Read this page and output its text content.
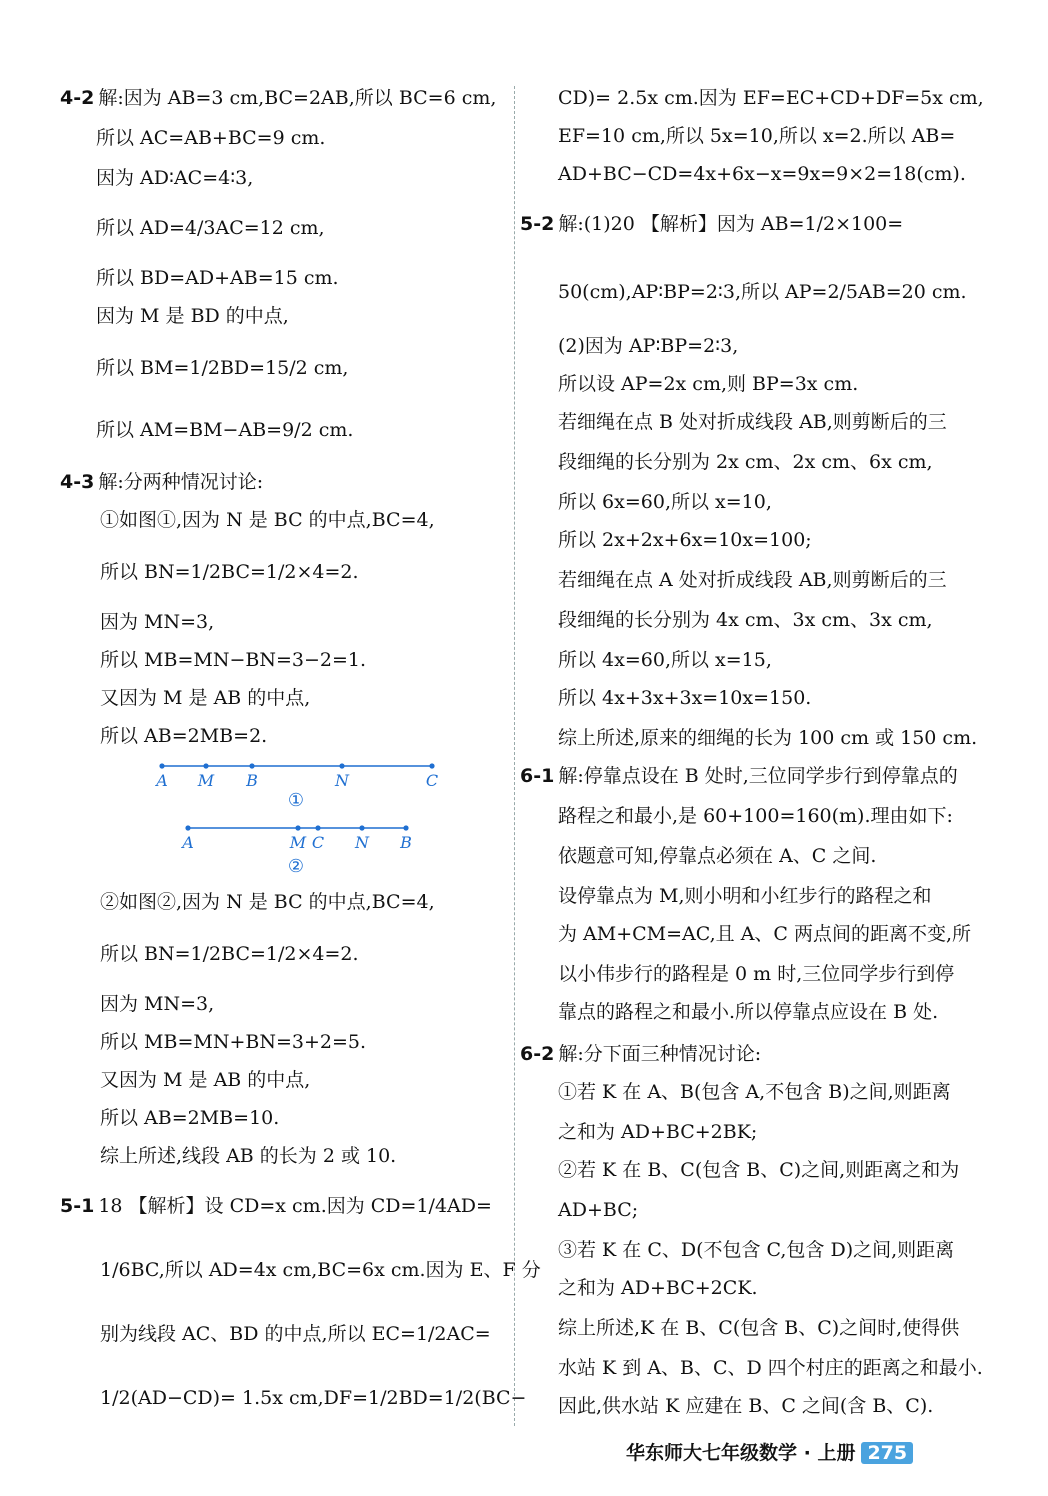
4-2 解:因为 AB=3 cm,BC=2AB,所以 BC=6 cm,
所以 AC=AB+BC=9 cm.
因为 AD∶AC=4∶3,
所以 AD=4/3AC=12 cm,
所以 BD=AD+AB=15 cm.
因为 M 是 BD 的中点,
所以 BM=1/2BD=15/2 cm,
所以 AM=BM−AB=9/2 cm.
4-3 解:分两种情况讨论:
①如图①,因为 N 是 BC 的中点,BC=4,
所以 BN=1/2BC=1/2×4=2.
因为 MN=3,
所以 MB=MN−BN=3−2=1.
又因为 M 是 AB 的中点,
所以 AB=2MB=2.
②如图②,因为 N 是 BC 的中点,BC=4,
所以 BN=1/2BC=1/2×4=2.
因为 MN=3,
所以 MB=MN+BN=3+2=5.
又因为 M 是 AB 的中点,
所以 AB=2MB=10.
综上所述,线段 AB 的长为 2 或 10.
5-1 18 【解析】设 CD=x cm.因为 CD=1/4AD=
1/6BC,所以 AD=4x cm,BC=6x cm.因为 E、F 分
别为线段 AC、BD 的中点,所以 EC=1/2AC=
1/2(AD−CD)= 1.5x cm,DF=1/2BD=1/2(BC−
CD)= 2.5x cm.因为 EF=EC+CD+DF=5x cm,
EF=10 cm,所以 5x=10,所以 x=2.所以 AB=
AD+BC−CD=4x+6x−x=9x=9×2=18(cm).
5-2 解:(1)20 【解析】因为 AB=1/2×100=
50(cm),AP∶BP=2∶3,所以 AP=2/5AB=20 cm.
(2)因为 AP∶BP=2∶3,
所以设 AP=2x cm,则 BP=3x cm.
若细绳在点 B 处对折成线段 AB,则剪断后的三
段细绳的长分别为 2x cm、2x cm、6x cm,
所以 6x=60,所以 x=10,
所以 2x+2x+6x=10x=100;
若细绳在点 A 处对折成线段 AB,则剪断后的三
段细绳的长分别为 4x cm、3x cm、3x cm,
所以 4x=60,所以 x=15,
所以 4x+3x+3x=10x=150.
综上所述,原来的细绳的长为 100 cm 或 150 cm.
6-1 解:停靠点设在 B 处时,三位同学步行到停靠点的
路程之和最小,是 60+100=160(m).理由如下:
依题意可知,停靠点必须在 A、C 之间.
设停靠点为 M,则小明和小红步行的路程之和
为 AM+CM=AC,且 A、C 两点间的距离不变,所
以小伟步行的路程是 0 m 时,三位同学步行到停
靠点的路程之和最小.所以停靠点应设在 B 处.
6-2 解:分下面三种情况讨论:
①若 K 在 A、B(包含 A,不包含 B)之间,则距离
之和为 AD+BC+2BK;
②若 K 在 B、C(包含 B、C)之间,则距离之和为
AD+BC;
③若 K 在 C、D(不包含 C,包含 D)之间,则距离
之和为 AD+BC+2CK.
综上所述,K 在 B、C(包含 B、C)之间时,使得供
水站 K 到 A、B、C、D 四个村庄的距离之和最小.
因此,供水站 K 应建在 B、C 之间(含 B、C).
A M B	N	C
①
A	M C N B
②
华东师大七年级数学 · 上册 275
